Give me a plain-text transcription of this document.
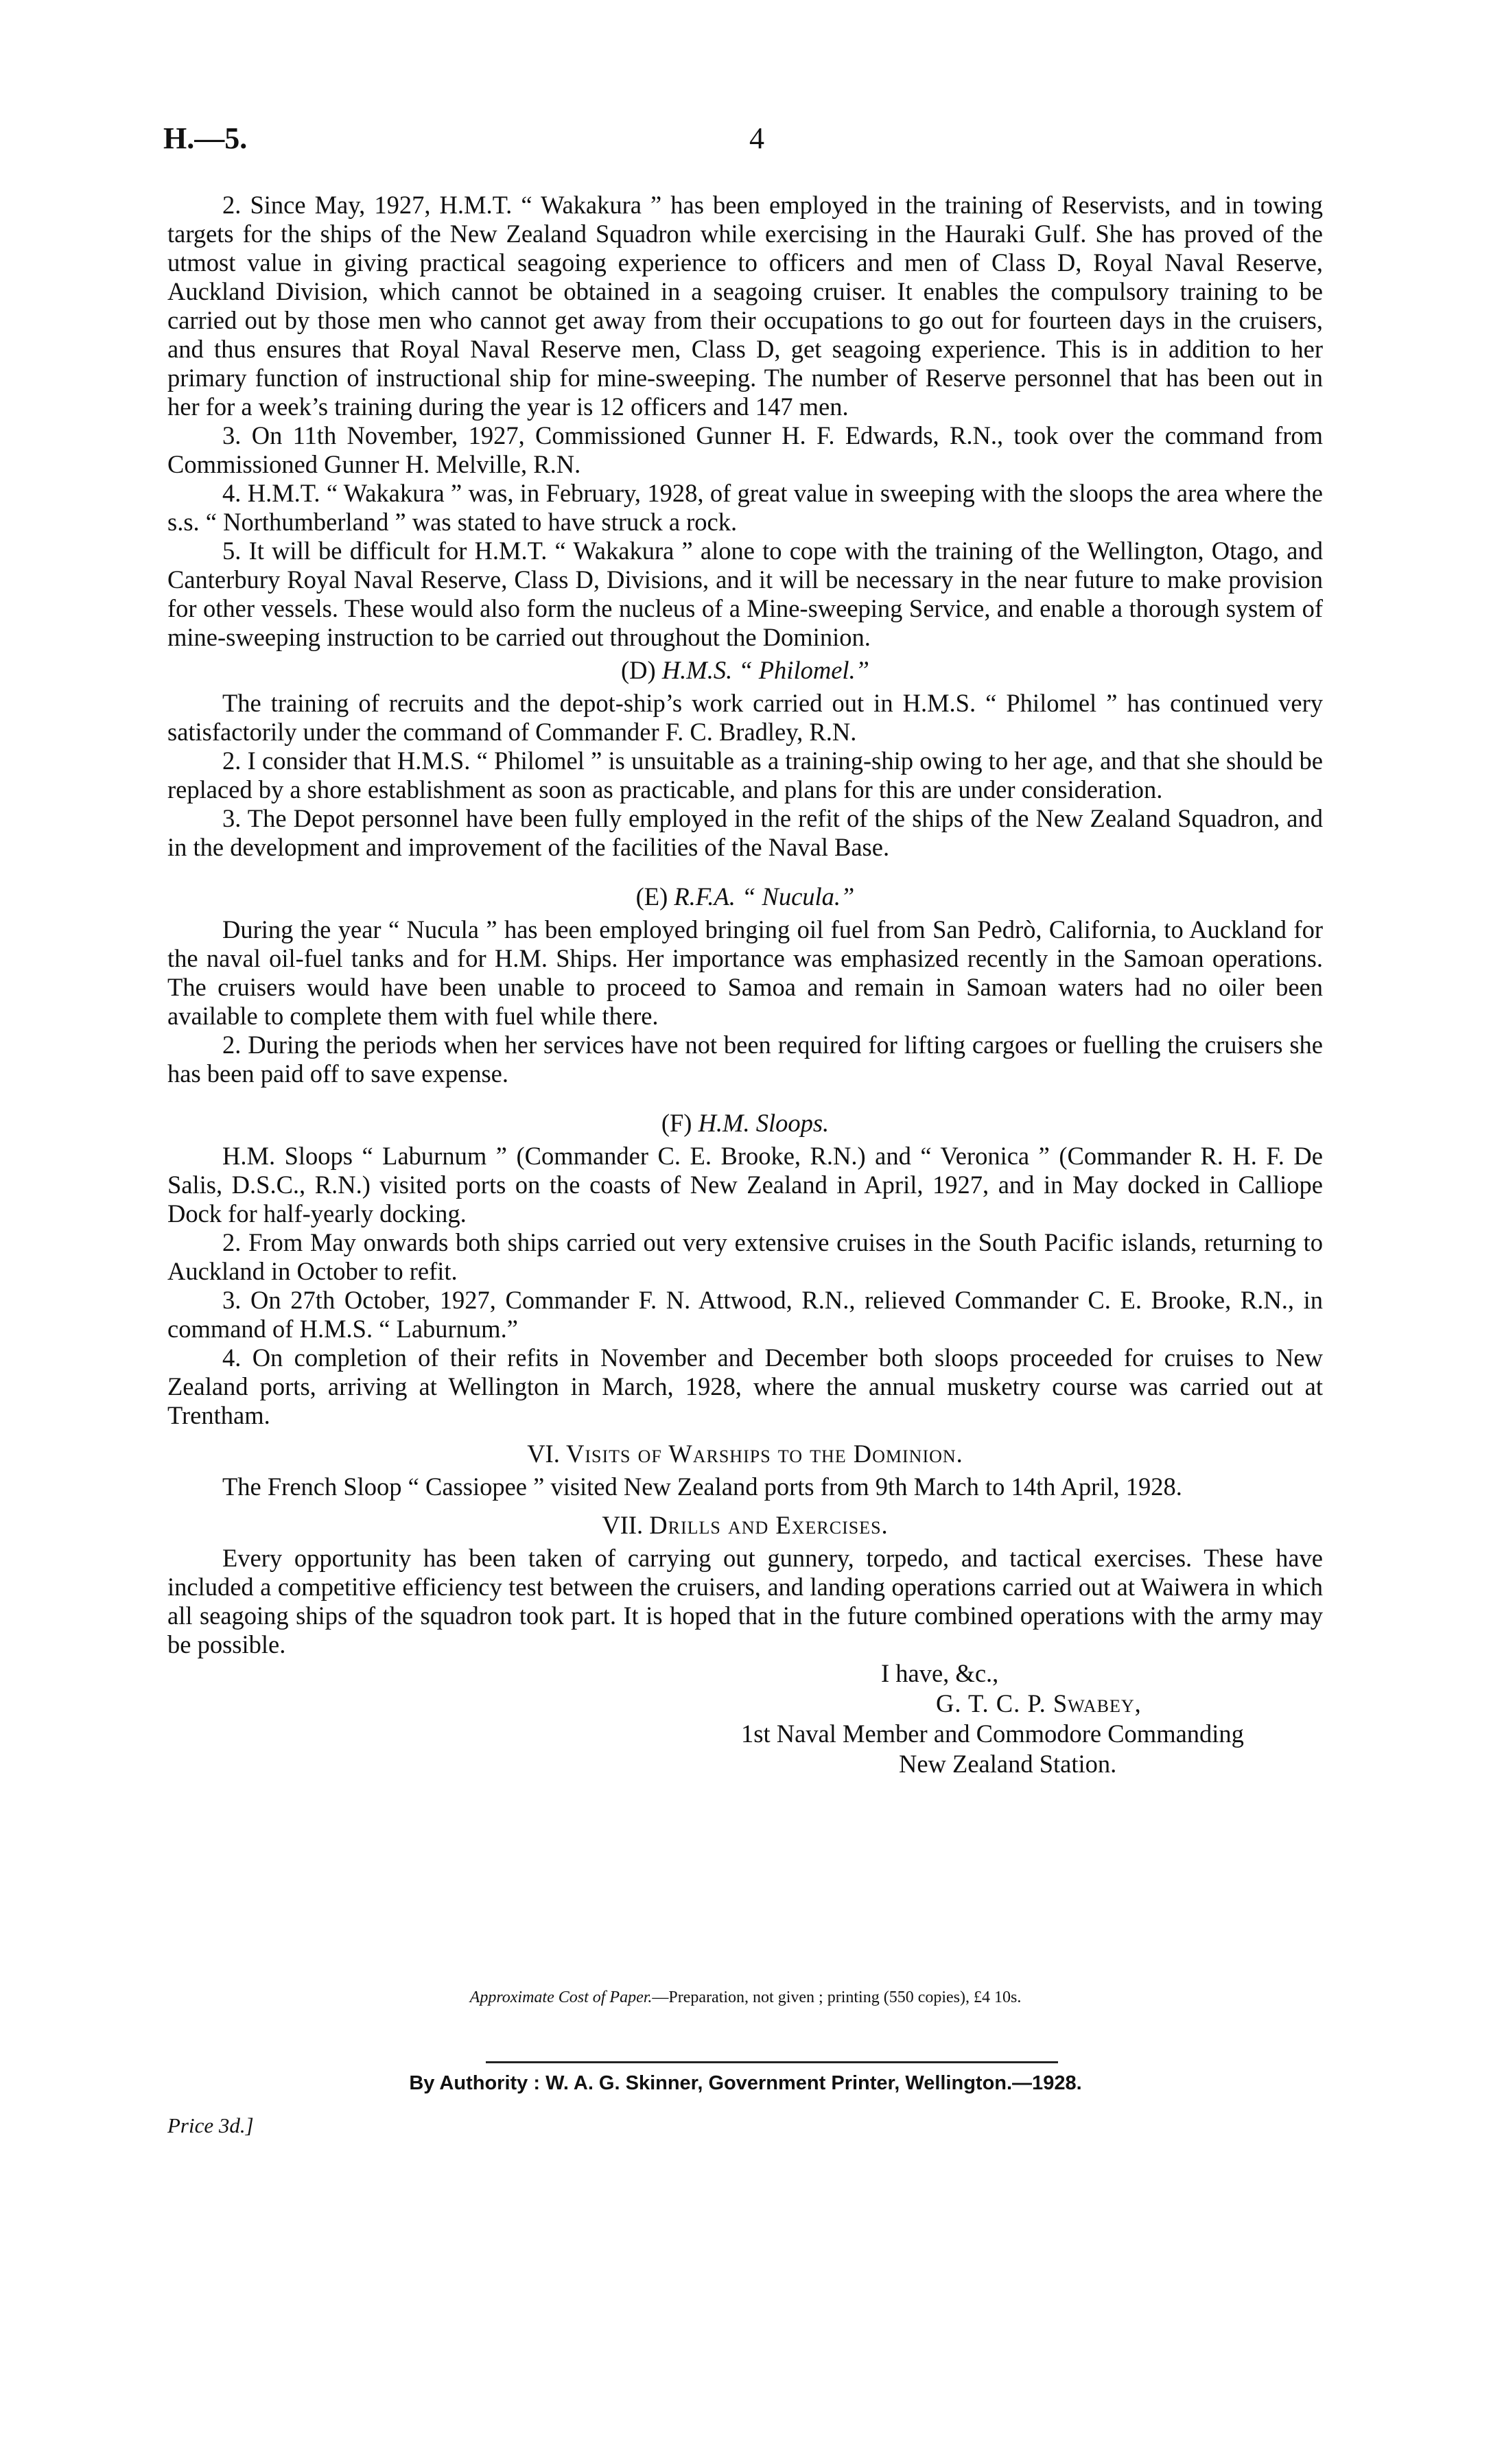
H.—5.	4

2. Since May, 1927, H.M.T. “ Wakakura ” has been employed in the training of Reservists, and in towing targets for the ships of the New Zealand Squadron while exercising in the Hauraki Gulf. She has proved of the utmost value in giving practical seagoing experience to officers and men of Class D, Royal Naval Reserve, Auckland Division, which cannot be obtained in a seagoing cruiser. It enables the compulsory training to be carried out by those men who cannot get away from their occupations to go out for fourteen days in the cruisers, and thus ensures that Royal Naval Reserve men, Class D, get seagoing experience. This is in addition to her primary function of instructional ship for mine-sweeping. The number of Reserve personnel that has been out in her for a week’s training during the year is 12 officers and 147 men.

3. On 11th November, 1927, Commissioned Gunner H. F. Edwards, R.N., took over the command from Commissioned Gunner H. Melville, R.N.

4. H.M.T. “ Wakakura ” was, in February, 1928, of great value in sweeping with the sloops the area where the s.s. “ Northumberland ” was stated to have struck a rock.

5. It will be difficult for H.M.T. “ Wakakura ” alone to cope with the training of the Wellington, Otago, and Canterbury Royal Naval Reserve, Class D, Divisions, and it will be necessary in the near future to make provision for other vessels. These would also form the nucleus of a Mine-sweeping Service, and enable a thorough system of mine-sweeping instruction to be carried out throughout the Dominion.

(D) H.M.S. “ Philomel.”

The training of recruits and the depot-ship’s work carried out in H.M.S. “ Philomel ” has continued very satisfactorily under the command of Commander F. C. Bradley, R.N.

2. I consider that H.M.S. “ Philomel ” is unsuitable as a training-ship owing to her age, and that she should be replaced by a shore establishment as soon as practicable, and plans for this are under consideration.

3. The Depot personnel have been fully employed in the refit of the ships of the New Zealand Squadron, and in the development and improvement of the facilities of the Naval Base.

(E) R.F.A. “ Nucula.”

During the year “ Nucula ” has been employed bringing oil fuel from San Pedrò, California, to Auckland for the naval oil-fuel tanks and for H.M. Ships. Her importance was emphasized recently in the Samoan operations. The cruisers would have been unable to proceed to Samoa and remain in Samoan waters had no oiler been available to complete them with fuel while there.

2. During the periods when her services have not been required for lifting cargoes or fuelling the cruisers she has been paid off to save expense.

(F) H.M. Sloops.

H.M. Sloops “ Laburnum ” (Commander C. E. Brooke, R.N.) and “ Veronica ” (Commander R. H. F. De Salis, D.S.C., R.N.) visited ports on the coasts of New Zealand in April, 1927, and in May docked in Calliope Dock for half-yearly docking.

2. From May onwards both ships carried out very extensive cruises in the South Pacific islands, returning to Auckland in October to refit.

3. On 27th October, 1927, Commander F. N. Attwood, R.N., relieved Commander C. E. Brooke, R.N., in command of H.M.S. “ Laburnum.”

4. On completion of their refits in November and December both sloops proceeded for cruises to New Zealand ports, arriving at Wellington in March, 1928, where the annual musketry course was carried out at Trentham.

VI. Visits of Warships to the Dominion.

The French Sloop “ Cassiopee ” visited New Zealand ports from 9th March to 14th April, 1928.

VII. Drills and Exercises.

Every opportunity has been taken of carrying out gunnery, torpedo, and tactical exercises. These have included a competitive efficiency test between the cruisers, and landing operations carried out at Waiwera in which all seagoing ships of the squadron took part. It is hoped that in the future combined operations with the army may be possible.

I have, &c.,
G. T. C. P. Swabey,
1st Naval Member and Commodore Commanding
New Zealand Station.
Approximate Cost of Paper.—Preparation, not given ; printing (550 copies), £4 10s.
By Authority : W. A. G. Skinner, Government Printer, Wellington.—1928.
Price 3d.]
